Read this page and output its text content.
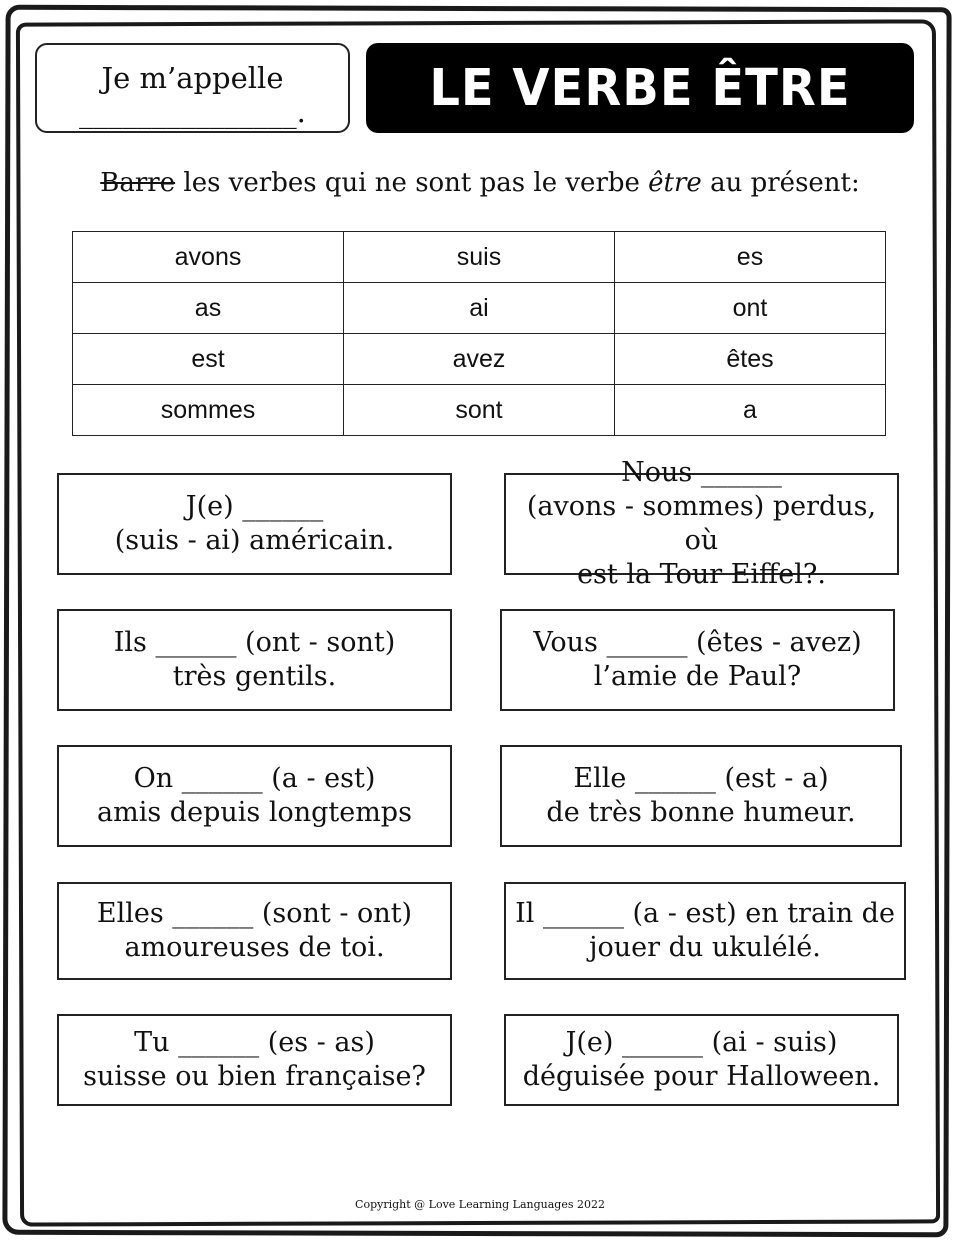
Je m’appelle
_______________.	LE VERBE ÊTRE
Barre les verbes qui ne sont pas le verbe être au présent:
avons	suis	es
as	ai	ont
est	avez	êtes
sommes	sont	a
J(e) ______
(suis - ai) américain.
Nous ______
(avons - sommes) perdus, où
est la Tour Eiffel?.
Ils ______ (ont - sont)
très gentils.
Vous ______ (êtes - avez)
l’amie de Paul?
On ______ (a - est)
amis depuis longtemps
Elle ______ (est - a)
de très bonne humeur.
Elles ______ (sont - ont)
amoureuses de toi.
Il ______ (a - est) en train de
jouer du ukulélé.
Tu ______ (es - as)
suisse ou bien française?
J(e) ______ (ai - suis)
déguisée pour Halloween.
Copyright @ Love Learning Languages 2022
